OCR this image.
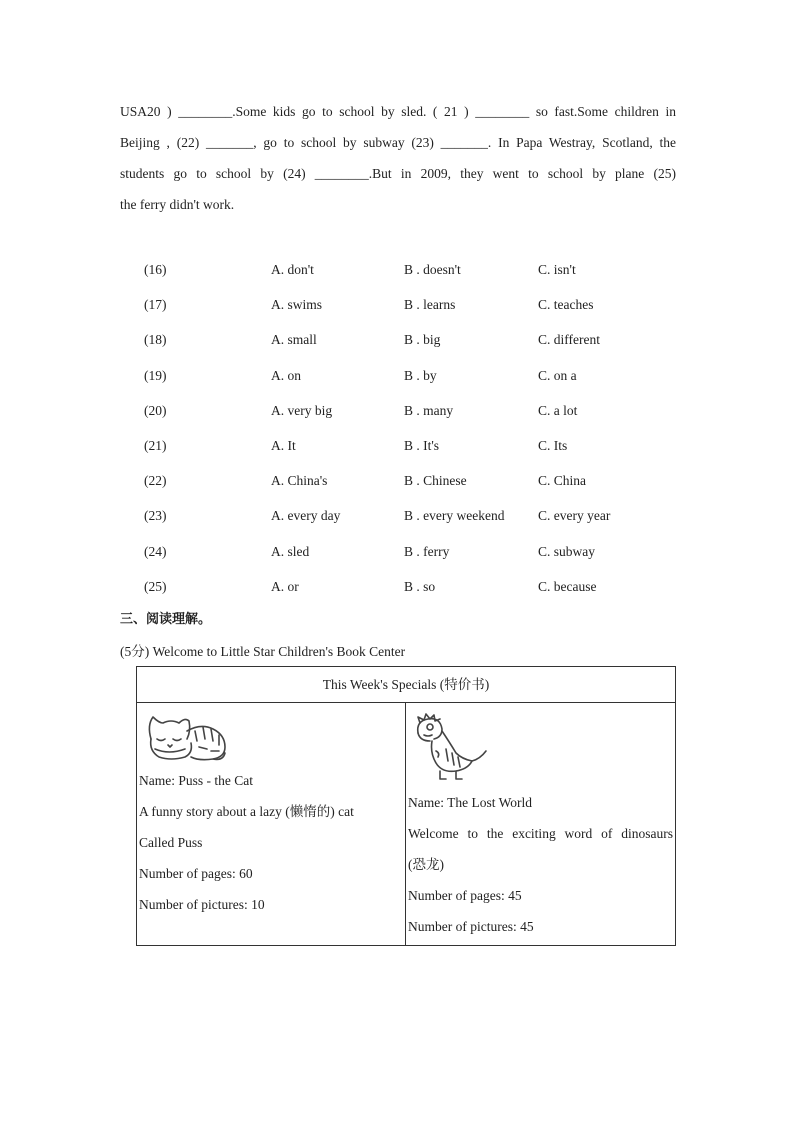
USA20 ) ________.Some kids go to school by sled. ( 21 ) ________ so fast.Some children in
Beijing , (22) _______, go to school by subway (23) _______. In Papa Westray, Scotland, the
students go to school by (24) ________.But in 2009, they went to school by plane (25)
the ferry didn't work.
(16)	A. don't	B . doesn't	C. isn't
(17)	A. swims	B . learns	C. teaches
(18)	A. small	B . big	C. different
(19)	A. on	B . by	C. on a
(20)	A. very big	B . many	C. a lot
(21)	A. It	B . It's	C. Its
(22)	A. China's	B . Chinese	C. China
(23)	A. every day	B . every weekend C. every year
(24)	A. sled	B . ferry	C. subway
(25)	A. or	B . so	C. because
三、阅读理解。
(5分) Welcome to Little Star Children's Book Center
This Week's Specials (特价书)
Name: Puss - the Cat
A funny story about a lazy (懒惰的) cat
Called Puss
Number of pages: 60
Number of pictures: 10
Name: The Lost World
Welcome to the exciting word of dinosaurs
(恐龙)
Number of pages: 45
Number of pictures: 45
